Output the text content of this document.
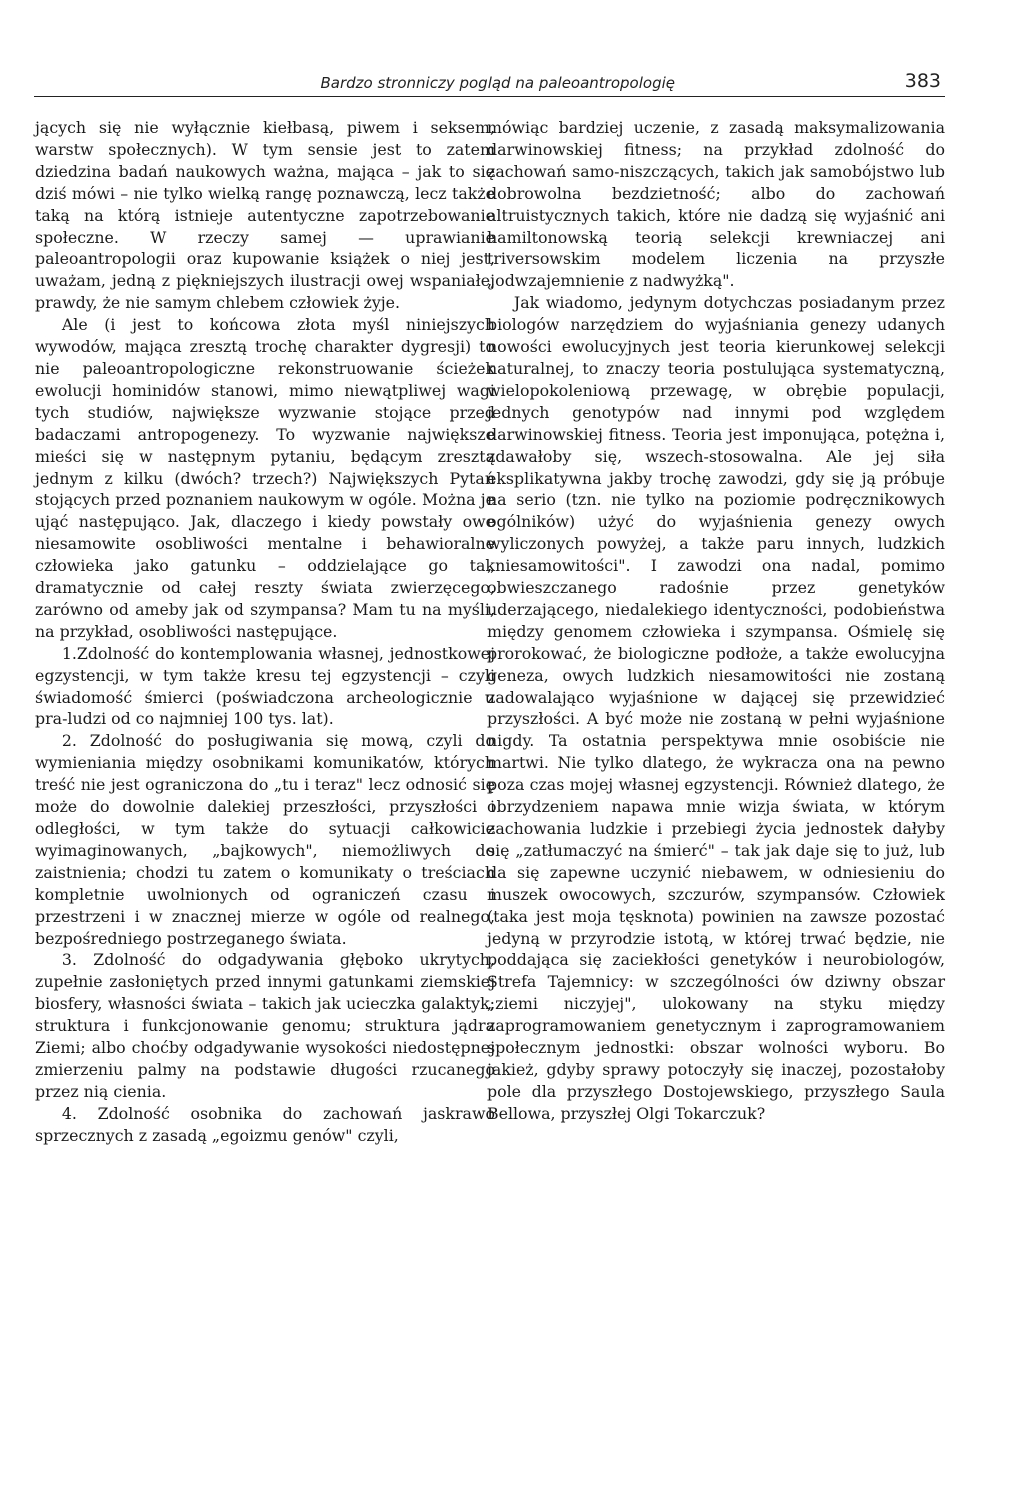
Bardzo stronniczy pogląd na paleoantropologię	383

jących się nie wyłącznie kiełbasą, piwem i seksem, warstw społecznych). W tym sensie jest to zatem dziedzina badań naukowych ważna, mająca – jak to się dziś mówi – nie tylko wielką rangę poznawczą, lecz także taką na którą istnieje autentyczne zapotrzebowanie społeczne. W rzeczy samej — uprawianie paleoantropologii oraz kupowanie książek o niej jest, uważam, jedną z piękniejszych ilustracji owej wspaniałej prawdy, że nie samym chlebem człowiek żyje.

Ale (i jest to końcowa złota myśl niniejszych wywodów, mająca zresztą trochę charakter dygresji) to nie paleoantropologiczne rekonstruowanie ścieżek ewolucji hominidów stanowi, mimo niewątpliwej wagi tych studiów, największe wyzwanie stojące przed badaczami antropogenezy. To wyzwanie największe mieści się w następnym pytaniu, będącym zresztą jednym z kilku (dwóch? trzech?) Największych Pytań stojących przed poznaniem naukowym w ogóle. Można je ująć następująco. Jak, dlaczego i kiedy powstały owe niesamowite osobliwości mentalne i behawioralne człowieka jako gatunku – oddzielające go tak dramatycznie od całej reszty świata zwierzęcego, zarówno od ameby jak od szympansa? Mam tu na myśli, na przykład, osobliwości następujące.

1.Zdolność do kontemplowania własnej, jednostkowej egzystencji, w tym także kresu tej egzystencji – czyli świadomość śmierci (poświadczona archeologicznie u pra-ludzi od co najmniej 100 tys. lat).

2. Zdolność do posługiwania się mową, czyli do wymieniania między osobnikami komunikatów, których treść nie jest ograniczona do „tu i teraz" lecz odnosić się może do dowolnie dalekiej przeszłości, przyszłości i odległości, w tym także do sytuacji całkowicie wyimaginowanych, „bajkowych", niemożliwych do zaistnienia; chodzi tu zatem o komunikaty o treściach kompletnie uwolnionych od ograniczeń czasu i przestrzeni i w znacznej mierze w ogóle od realnego, bezpośredniego postrzeganego świata.

3. Zdolność do odgadywania głęboko ukrytych, zupełnie zasłoniętych przed innymi gatunkami ziemskiej biosfery, własności świata – takich jak ucieczka galaktyk; struktura i funkcjonowanie genomu; struktura jądra Ziemi; albo choćby odgadywanie wysokości niedostępnej zmierzeniu palmy na podstawie długości rzucanego przez nią cienia.

4. Zdolność osobnika do zachowań jaskrawo sprzecznych z zasadą „egoizmu genów" czyli,

mówiąc bardziej uczenie, z zasadą maksymalizowania darwinowskiej fitness; na przykład zdolność do zachowań samo-niszczących, takich jak samobójstwo lub dobrowolna bezdzietność; albo do zachowań altruistycznych takich, które nie dadzą się wyjaśnić ani hamiltonowską teorią selekcji krewniaczej ani triversowskim modelem liczenia na przyszłe „odwzajemnienie z nadwyżką".

Jak wiadomo, jedynym dotychczas posiadanym przez biologów narzędziem do wyjaśniania genezy udanych nowości ewolucyjnych jest teoria kierunkowej selekcji naturalnej, to znaczy teoria postulująca systematyczną, wielopokoleniową przewagę, w obrębie populacji, jednych genotypów nad innymi pod względem darwinowskiej fitness. Teoria jest imponująca, potężna i, zdawałoby się, wszech-stosowalna. Ale jej siła eksplikatywna jakby trochę zawodzi, gdy się ją próbuje na serio (tzn. nie tylko na poziomie podręcznikowych ogólników) użyć do wyjaśnienia genezy owych wyliczonych powyżej, a także paru innych, ludzkich „niesamowitości". I zawodzi ona nadal, pomimo obwieszczanego radośnie przez genetyków uderzającego, niedalekiego identyczności, podobieństwa między genomem człowieka i szympansa. Ośmielę się prorokować, że biologiczne podłoże, a także ewolucyjna geneza, owych ludzkich niesamowitości nie zostaną zadowalająco wyjaśnione w dającej się przewidzieć przyszłości. A być może nie zostaną w pełni wyjaśnione nigdy. Ta ostatnia perspektywa mnie osobiście nie martwi. Nie tylko dlatego, że wykracza ona na pewno poza czas mojej własnej egzystencji. Również dlatego, że obrzydzeniem napawa mnie wizja świata, w którym zachowania ludzkie i przebiegi życia jednostek dałyby się „zatłumaczyć na śmierć" – tak jak daje się to już, lub da się zapewne uczynić niebawem, w odniesieniu do muszek owocowych, szczurów, szympansów. Człowiek (taka jest moja tęsknota) powinien na zawsze pozostać jedyną w przyrodzie istotą, w której trwać będzie, nie poddająca się zaciekłości genetyków i neurobiologów, Strefa Tajemnicy: w szczególności ów dziwny obszar „ziemi niczyjej", ulokowany na styku między zaprogramowaniem genetycznym i zaprogramowaniem społecznym jednostki: obszar wolności wyboru. Bo jakież, gdyby sprawy potoczyły się inaczej, pozostałoby pole dla przyszłego Dostojewskiego, przyszłego Saula Bellowa, przyszłej Olgi Tokarczuk?
